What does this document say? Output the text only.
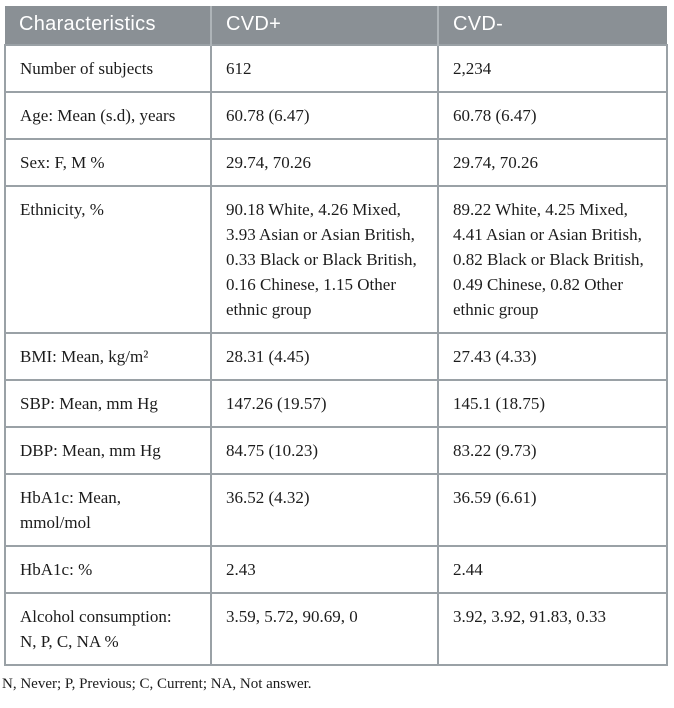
Characteristics	CVD+	CVD-
Number of subjects	612	2,234
Age: Mean (s.d), years	60.78 (6.47)	60.78 (6.47)
Sex: F, M %	29.74, 70.26	29.74, 70.26
Ethnicity, %	90.18 White, 4.26 Mixed, 3.93 Asian or Asian British, 0.33 Black or Black British, 0.16 Chinese, 1.15 Other ethnic group	89.22 White, 4.25 Mixed, 4.41 Asian or Asian British, 0.82 Black or Black British, 0.49 Chinese, 0.82 Other ethnic group
BMI: Mean, kg/m²	28.31 (4.45)	27.43 (4.33)
SBP: Mean, mm Hg	147.26 (19.57)	145.1 (18.75)
DBP: Mean, mm Hg	84.75 (10.23)	83.22 (9.73)
HbA1c: Mean, mmol/mol	36.52 (4.32)	36.59 (6.61)
HbA1c: %	2.43	2.44
Alcohol consumption: N, P, C, NA %	3.59, 5.72, 90.69, 0	3.92, 3.92, 91.83, 0.33
N, Never; P, Previous; C, Current; NA, Not answer.
